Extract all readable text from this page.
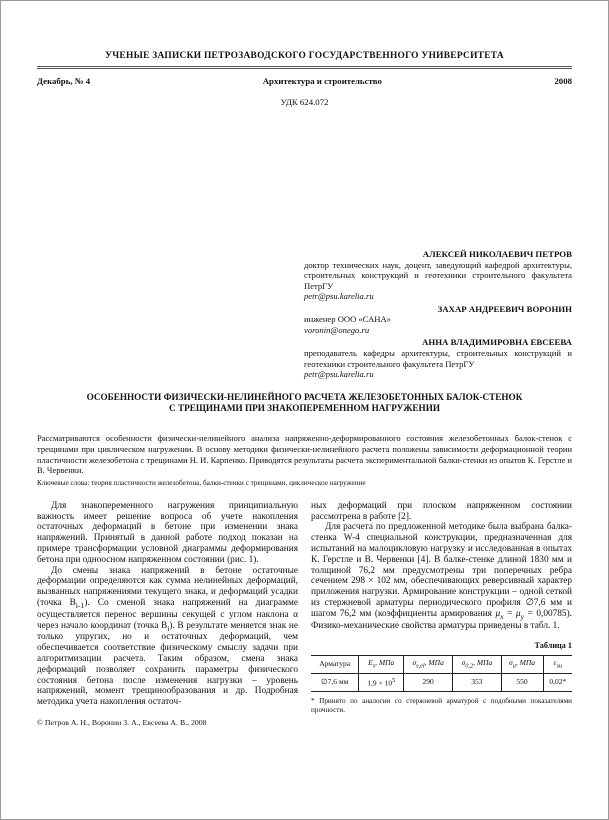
УЧЕНЫЕ ЗАПИСКИ ПЕТРОЗАВОДСКОГО ГОСУДАРСТВЕННОГО УНИВЕРСИТЕТА
Декабрь, № 4	Архитектура и строительство	2008
УДК 624.072
АЛЕКСЕЙ НИКОЛАЕВИЧ ПЕТРОВ
доктор технических наук, доцент, заведующий кафедрой архитектуры, строительных конструкций и геотехники строительного факультета ПетрГУ
petr@psu.karelia.ru
ЗАХАР АНДРЕЕВИЧ ВОРОНИН
инженер ООО «САНА»
voronin@onego.ru
АННА ВЛАДИМИРОВНА ЕВСЕЕВА
преподаватель кафедры архитектуры, строительных конструкций и геотехники строительного факультета ПетрГУ
petr@psu.karelia.ru
ОСОБЕННОСТИ ФИЗИЧЕСКИ-НЕЛИНЕЙНОГО РАСЧЕТА ЖЕЛЕЗОБЕТОННЫХ БАЛОК-СТЕНОК
С ТРЕЩИНАМИ ПРИ ЗНАКОПЕРЕМЕННОМ НАГРУЖЕНИИ
Рассматриваются особенности физически-нелинейного анализа напряженно-деформированного состояния железобетонных балок-стенок с трещинами при циклическом нагружении. В основу методики физически-нелинейного расчета положены зависимости деформационной теории пластичности железобетона с трещинами Н. И. Карпенко. Приводятся результаты расчета экспериментальной балки-стенки из опытов К. Герстле и В. Червенки.
Ключевые слова: теория пластичности железобетона, балки-стенки с трещинами, циклическое нагружение

Для знакопеременного нагружения принципиальную важность имеет решение вопроса об учете накопления остаточных деформаций в бетоне при изменении знака напряжений. Принятый в данной работе подход показан на примере трансформации условной диаграммы деформирования бетона при одноосном напряженном состоянии (рис. 1).

До смены знака напряжений в бетоне остаточные деформации определяются как сумма нелинейных деформаций, вызванных напряжениями текущего знака, и деформаций усадки (точка $B_{i-1}$). Со сменой знака напряжений на диаграмме осуществляется перенос вершины секущей с углом наклона α через начало координат (точка $B_i$). В результате меняется знак не только упругих, но и остаточных деформаций, чем обеспечивается соответствие физическому смыслу задачи при алгоритмизации расчета. Таким образом, смена знака деформаций позволяет сохранить параметры физического состояния бетона после изменения нагрузки – уровень напряжений, момент трещинообразования и др. Подробная методика учета накопления остаточ-

© Петров А. Н., Воронин З. А., Евсеева А. В., 2008

ных деформаций при плоском напряженном состоянии рассмотрена в работе [2].

Для расчета по предложенной методике была выбрана балка-стенка W-4 специальной конструкции, предназначенная для испытаний на малоцикловую нагрузку и исследованная в опытах К. Герстле и В. Червенки [4]. В балке-стенке длиной 1830 мм и толщиной 76,2 мм предусмотрены три поперечных ребра сечением 298 × 102 мм, обеспечивающих реверсивный характер приложения нагрузки. Армирование конструкции – одной сеткой из стержневой арматуры периодического профиля ∅7,6 мм и шагом 76,2 мм (коэффициенты армирования $\mu_x = \mu_y = 0,00785$). Физико-механические свойства арматуры приведены в табл. 1.

Таблица 1
Арматура	$E_s$, МПа	$\sigma_{s,el}$, МПа	$\sigma_{0,2}$, МПа	$\sigma_u$, МПа	$\varepsilon_{su}$
∅7,6 мм	$1,9 \times 10^5$	290	353	550	0,02*
* Принято по аналогии со стержневой арматурой с подобными показателями прочности.
